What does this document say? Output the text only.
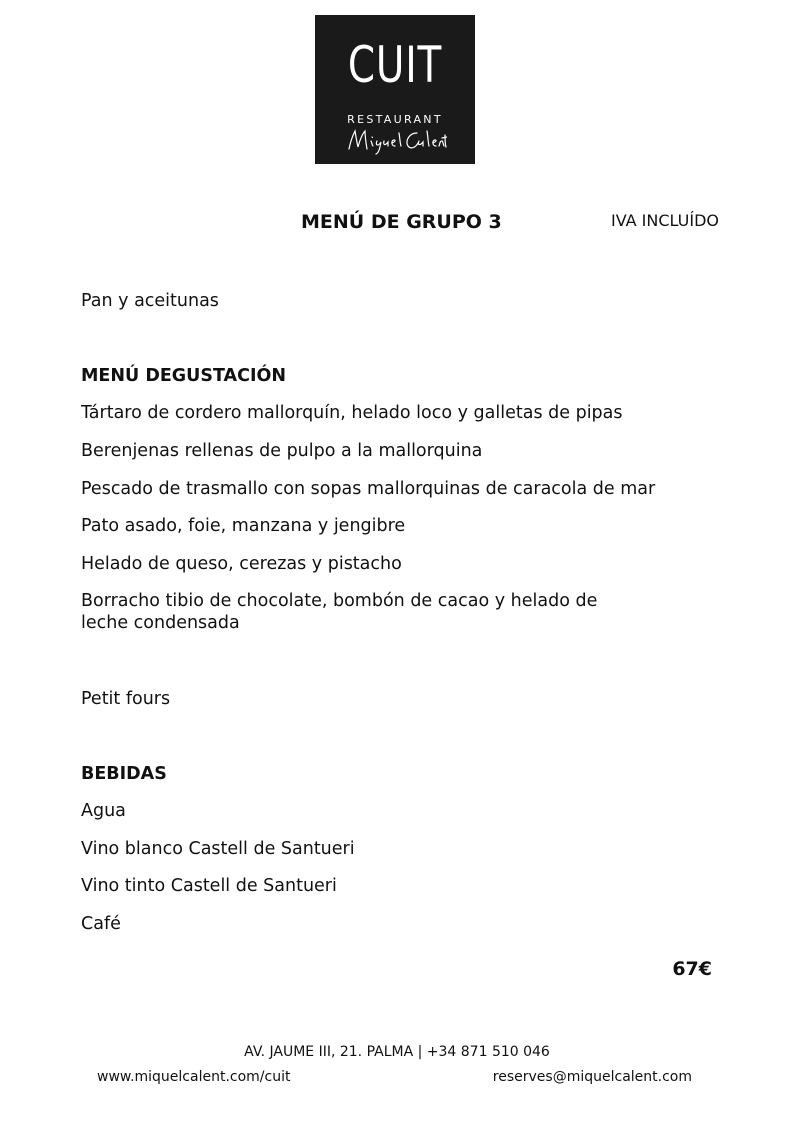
CUIT
RESTAURANT
MENÚ DE GRUPO 3	IVA INCLUÍDO
Pan y aceitunas
MENÚ DEGUSTACIÓN
Tártaro de cordero mallorquín, helado loco y galletas de pipas
Berenjenas rellenas de pulpo a la mallorquina
Pescado de trasmallo con sopas mallorquinas de caracola de mar
Pato asado, foie, manzana y jengibre
Helado de queso, cerezas y pistacho
Borracho tibio de chocolate, bombón de cacao y helado de leche condensada
Petit fours
BEBIDAS
Agua
Vino blanco Castell de Santueri
Vino tinto Castell de Santueri
Café
67€
AV. JAUME III, 21. PALMA | +34 871 510 046
www.miquelcalent.com/cuit	reserves@miquelcalent.com
